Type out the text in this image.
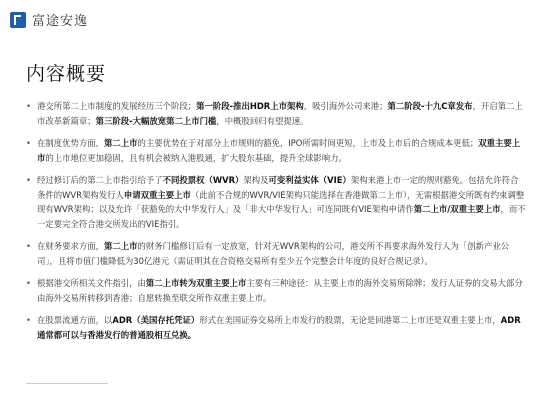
富途安逸
内容概要
• 港交所第二上市制度的发展经历三个阶段；第一阶段-推出HDR上市架构，吸引海外公司来港；第二阶段-十九C章发布，开启第二上市改革新篇章；第三阶段-大幅放宽第二上市门槛，中概股回归有望提速。
• 在制度优势方面，第二上市的主要优势在于对部分上市规则的豁免，IPO所需时间更短，上市及上市后的合规成本更低；双重主要上市的上市地位更加稳固，且有机会被纳入港股通，扩大股东基础，提升全球影响力。
• 经过修订后的第二上市指引给予了不同投票权（WVR）架构及可变利益实体（VIE）架构来港上市一定的规则豁免。包括允许符合条件的WVR架构发行人申请双重主要上市（此前不合规的WVR/VIE架构只能选择在香港做第二上市），无需根据港交所既有约束调整现有WVR架构；以及允许「获豁免的大中华发行人」及「非大中华发行人」可连同既有VIE架构申请作第二上市/双重主要上市，而不一定要完全符合港交所发出的VIE指引。
• 在财务要求方面，第二上市的财务门槛修订后有一定放宽，针对无WVR架构的公司，港交所不再要求海外发行人为「创新产业公司」，且将市值门槛降低为30亿港元（需证明其在合资格交易所有至少五个完整会计年度的良好合规记录）。
• 根据港交所相关文件指引，由第二上市转为双重主要上市主要有三种途径：从主要上市的海外交易所除牌；发行人证券的交易大部分由海外交易所转移到香港；自愿转换至联交所作双重主要上市。
• 在股票流通方面，以ADR（美国存托凭证）形式在美国证券交易所上市发行的股票，无论是回港第二上市还是双重主要上市，ADR通常都可以与香港发行的普通股相互兑换。
